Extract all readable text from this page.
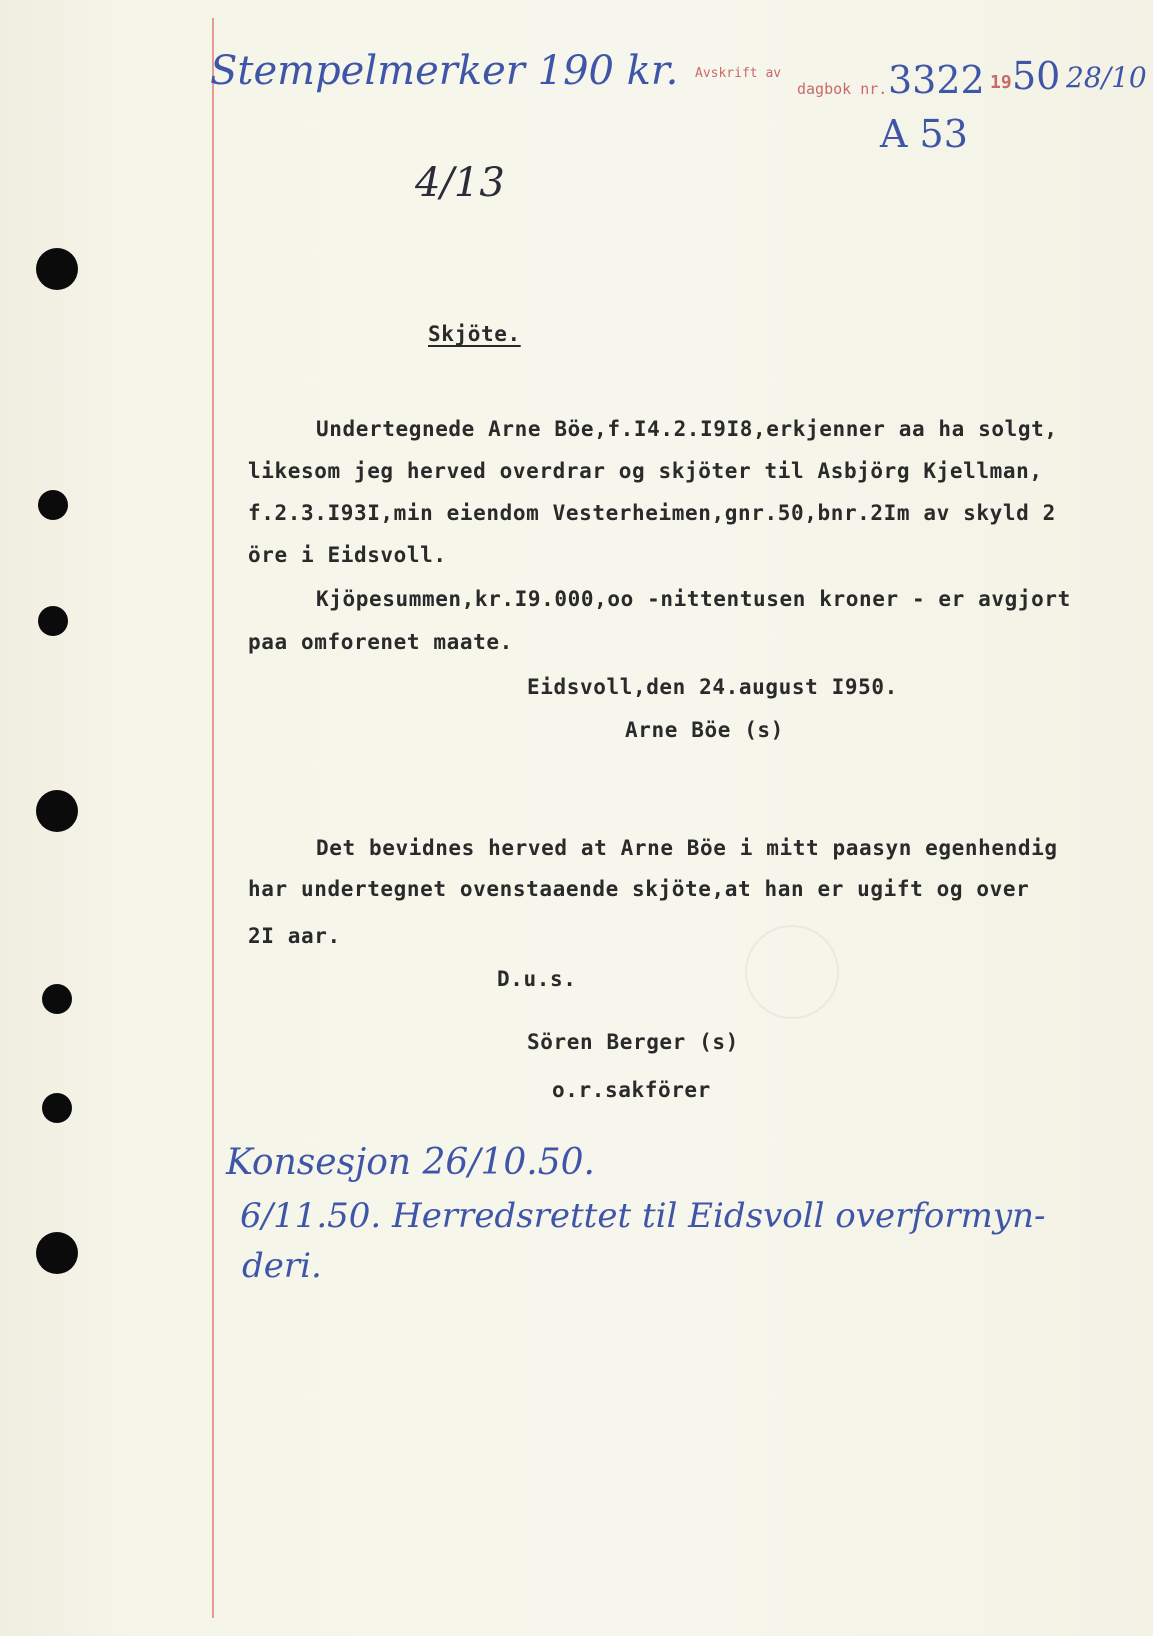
Stempelmerker 190 kr. Avskrift av
dagbok nr. 3322 19 50 28/10
A 53
4/13
Skjöte.
Undertegnede Arne Böe,f.I4.2.I9I8,erkjenner aa ha solgt,
likesom jeg herved overdrar og skjöter til Asbjörg Kjellman,
f.2.3.I93I,min eiendom Vesterheimen,gnr.50,bnr.2Im av skyld 2
öre i Eidsvoll.
Kjöpesummen,kr.I9.000,oo -nittentusen kroner - er avgjort
paa omforenet maate.
Eidsvoll,den 24.august I950.
Arne Böe (s)
Det bevidnes herved at Arne Böe i mitt paasyn egenhendig
har undertegnet ovenstaaende skjöte,at han er ugift og over
2I aar.
D.u.s.
Sören Berger (s)
o.r.sakförer
Konsesjon 26/10.50.
6/11.50. Herredsrettet til Eidsvoll overformyn-
deri.
